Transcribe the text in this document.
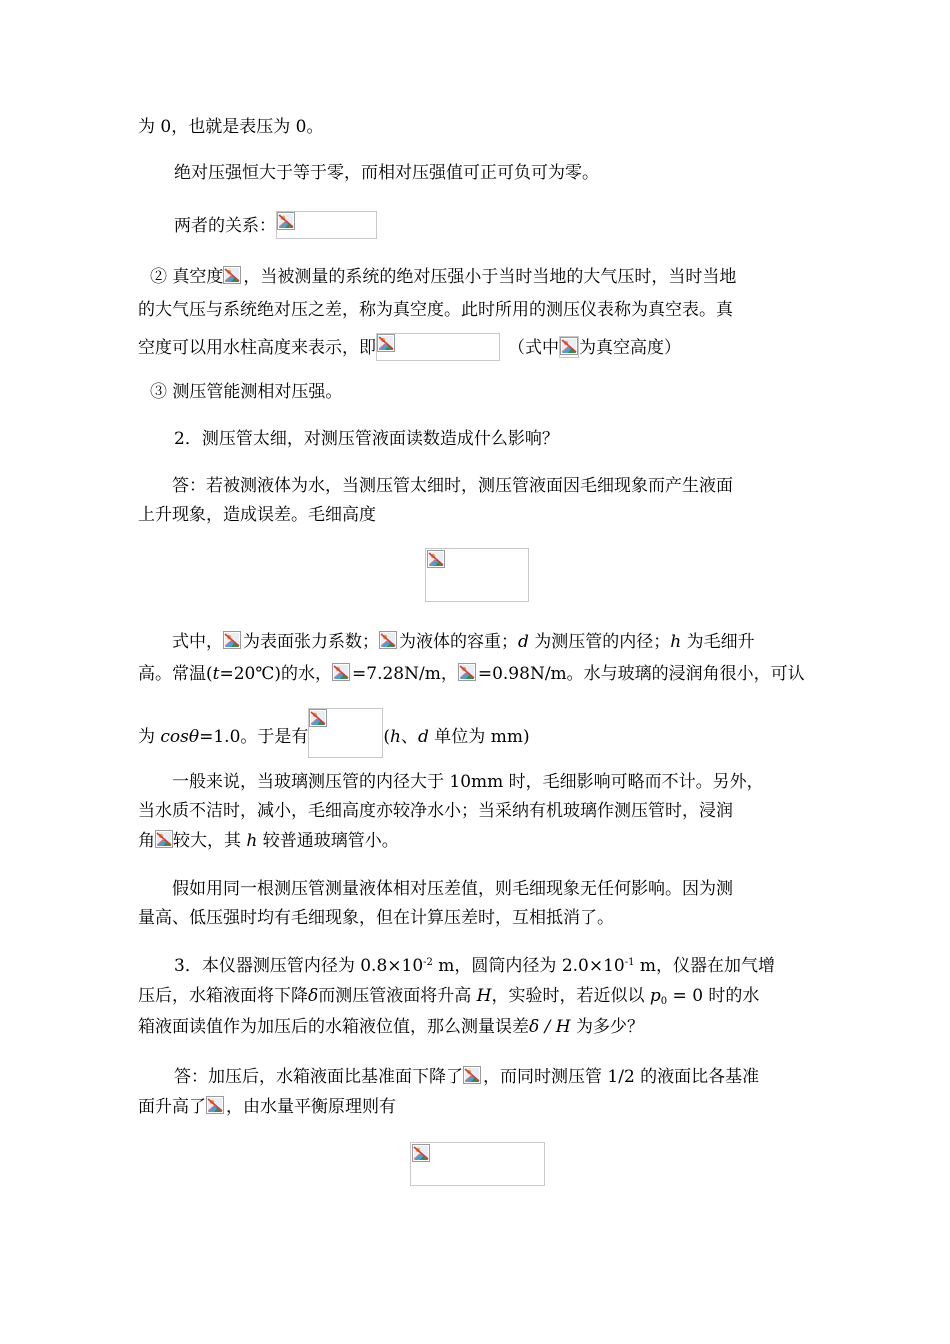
为 0，也就是表压为 0。
绝对压强恒大于等于零，而相对压强值可正可负可为零。
两者的关系：
② 真空度 ，当被测量的系统的绝对压强小于当时当地的大气压时，当时当地
的大气压与系统绝对压之差，称为真空度。此时所用的测压仪表称为真空表。真
空度可以用水柱高度来表示，即	（式中 为真空高度）
③ 测压管能测相对压强。
2．测压管太细，对测压管液面读数造成什么影响？
答：若被测液体为水，当测压管太细时，测压管液面因毛细现象而产生液面
上升现象，造成误差。毛细高度
式中， 为表面张力系数； 为液体的容重；d 为测压管的内径；h 为毛细升
高。常温(t=20℃)的水， =7.28N/m， =0.98N/m。水与玻璃的浸润角很小，可认
为 cosθ=1.0。于是有	(h、d 单位为 mm)
一般来说，当玻璃测压管的内径大于 10mm 时，毛细影响可略而不计。另外，
当水质不洁时，减小，毛细高度亦较净水小；当采纳有机玻璃作测压管时，浸润
角 较大，其 h 较普通玻璃管小。
假如用同一根测压管测量液体相对压差值，则毛细现象无任何影响。因为测
量高、低压强时均有毛细现象，但在计算压差时，互相抵消了。
3．本仪器测压管内径为 $0.8\times 10^{-2}$ m，圆筒内径为 $2.0\times 10^{-1}$ m，仪器在加气增
压后，水箱液面将下降δ而测压管液面将升高 H，实验时，若近似以 $p_0 = 0$ 时的水
箱液面读值作为加压后的水箱液位值，那么测量误差δ / H 为多少？
答：加压后，水箱液面比基准面下降了 ，而同时测压管 1/2 的液面比各基准
面升高了 ，由水量平衡原理则有
